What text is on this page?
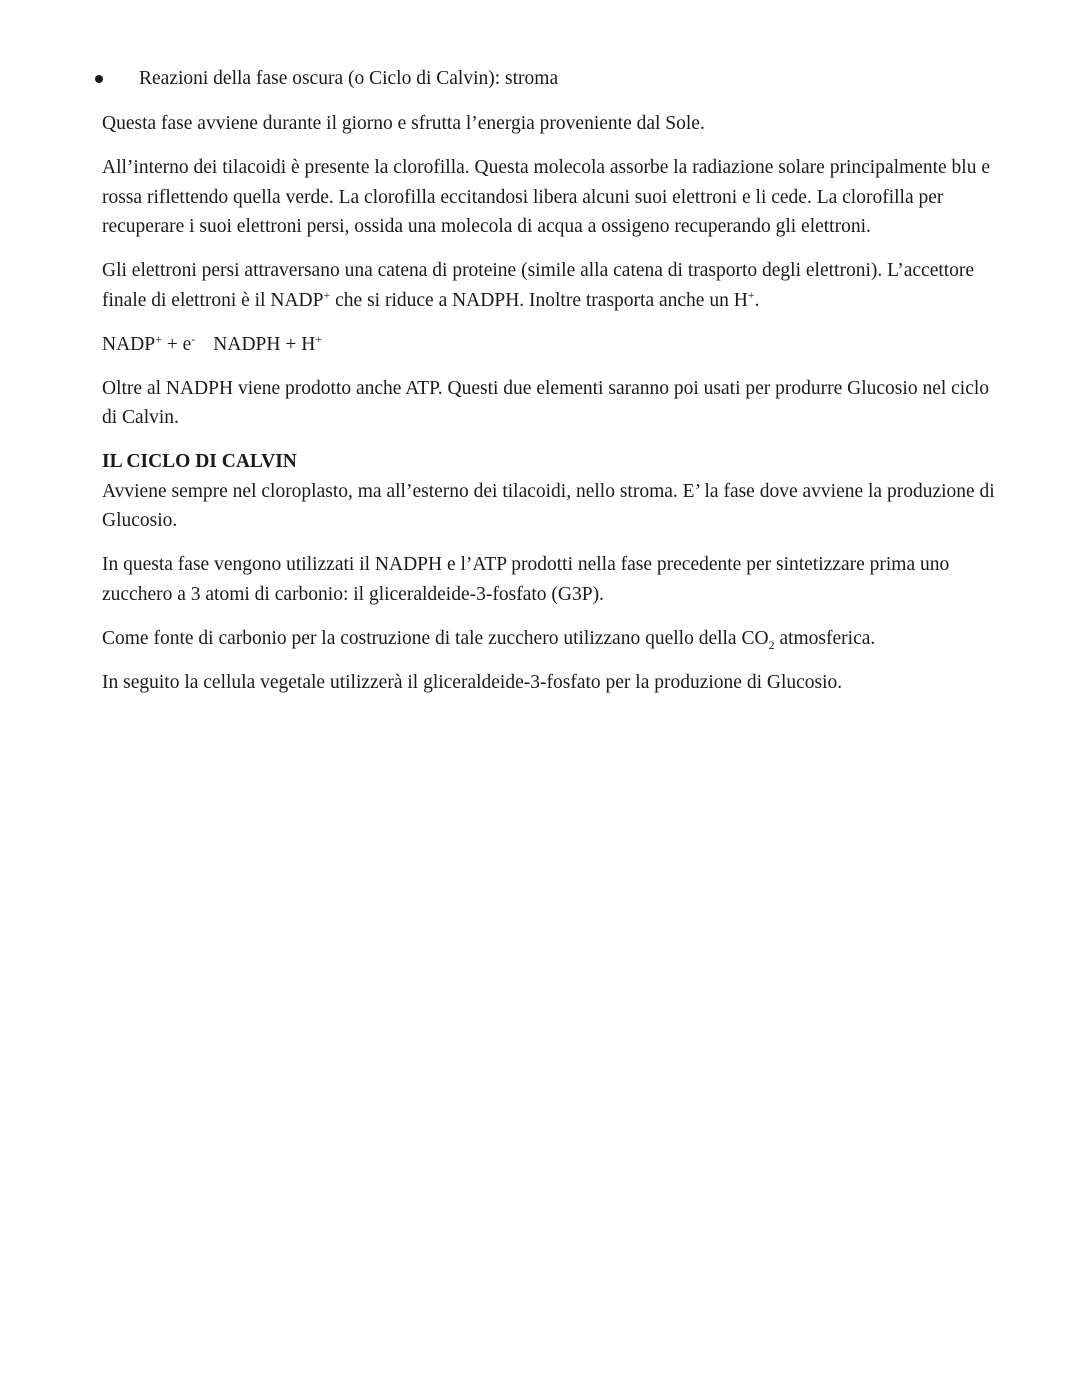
Reazioni della fase oscura (o Ciclo di Calvin): stroma

Questa fase avviene durante il giorno e sfrutta l’energia proveniente dal Sole.

All’interno dei tilacoidi è presente la clorofilla. Questa molecola assorbe la radiazione solare principalmente blu e rossa riflettendo quella verde. La clorofilla eccitandosi libera alcuni suoi elettroni e li cede. La clorofilla per recuperare i suoi elettroni persi, ossida una molecola di acqua a ossigeno recuperando gli elettroni.

Gli elettroni persi attraversano una catena di proteine (simile alla catena di trasporto degli elettroni). L’accettore finale di elettroni è il NADP+ che si riduce a NADPH. Inoltre trasporta anche un H+.

NADP+ + e- NADPH + H+

Oltre al NADPH viene prodotto anche ATP. Questi due elementi saranno poi usati per produrre Glucosio nel ciclo di Calvin.

IL CICLO DI CALVIN

Avviene sempre nel cloroplasto, ma all’esterno dei tilacoidi, nello stroma. E’ la fase dove avviene la produzione di Glucosio.

In questa fase vengono utilizzati il NADPH e l’ATP prodotti nella fase precedente per sintetizzare prima uno zucchero a 3 atomi di carbonio: il gliceraldeide-3-fosfato (G3P).

Come fonte di carbonio per la costruzione di tale zucchero utilizzano quello della $CO_2$ atmosferica.

In seguito la cellula vegetale utilizzerà il gliceraldeide-3-fosfato per la produzione di Glucosio.
